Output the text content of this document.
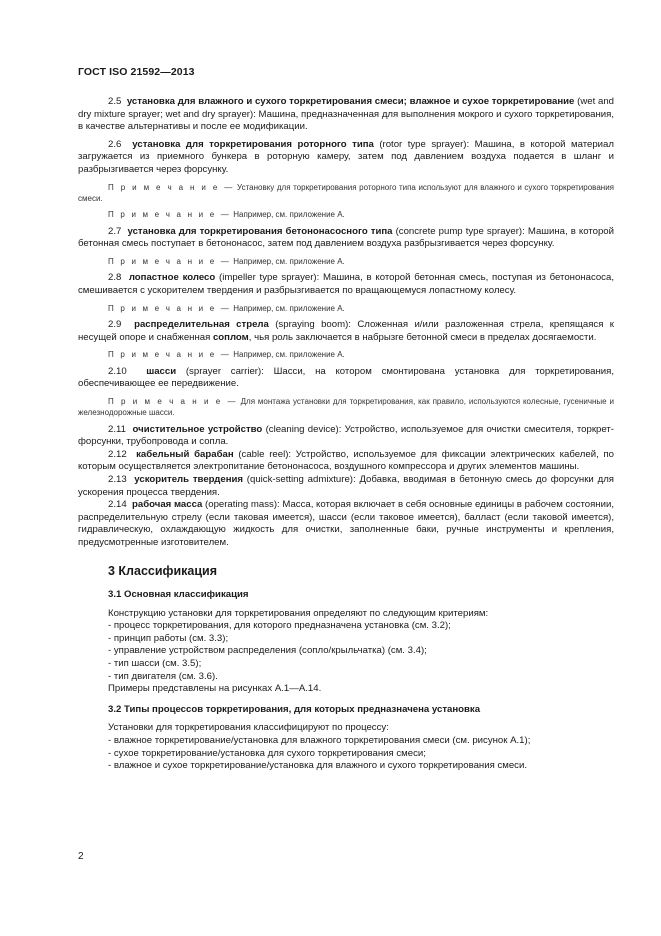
ГОСТ ISO 21592—2013

2.5 установка для влажного и сухого торкретирования смеси; влажное и сухое торкретирование (wet and dry mixture sprayer; wet and dry sprayer): Машина, предназначенная для выполнения мокрого и сухого торкретирования, в качестве альтернативы и после ее модификации.

2.6 установка для торкретирования роторного типа (rotor type sprayer): Машина, в которой материал загружается из приемного бункера в роторную камеру, затем под давлением воздуха подается в шланг и разбрызгивается через форсунку.

П р и м е ч а н и е — Установку для торкретирования роторного типа используют для влажного и сухого торкретирования смеси.

П р и м е ч а н и е — Например, см. приложение А.

2.7 установка для торкретирования бетононасосного типа (concrete pump type sprayer): Машина, в которой бетонная смесь поступает в бетононасос, затем под давлением воздуха разбрызгивается через форсунку.

П р и м е ч а н и е — Например, см. приложение А.

2.8 лопастное колесо (impeller type sprayer): Машина, в которой бетонная смесь, поступая из бетононасоса, смешивается с ускорителем твердения и разбрызгивается по вращающемуся лопастному колесу.

П р и м е ч а н и е — Например, см. приложение А.

2.9 распределительная стрела (spraying boom): Сложенная и/или разложенная стрела, крепящаяся к несущей опоре и снабженная соплом, чья роль заключается в набрызге бетонной смеси в пределах досягаемости.

П р и м е ч а н и е — Например, см. приложение А.

2.10 шасси (sprayer carrier): Шасси, на котором смонтирована установка для торкретирования, обеспечивающее ее передвижение.

П р и м е ч а н и е — Для монтажа установки для торкретирования, как правило, используются колесные, гусеничные и железнодорожные шасси.

2.11 очистительное устройство (cleaning device): Устройство, используемое для очистки смесителя, торкрет-форсунки, трубопровода и сопла.

2.12 кабельный барабан (cable reel): Устройство, используемое для фиксации электрических кабелей, по которым осуществляется электропитание бетононасоса, воздушного компрессора и других элементов машины.

2.13 ускоритель твердения (quick-setting admixture): Добавка, вводимая в бетонную смесь до форсунки для ускорения процесса твердения.

2.14 рабочая масса (operating mass): Масса, которая включает в себя основные единицы в рабочем состоянии, распределительную стрелу (если таковая имеется), шасси (если таковое имеется), балласт (если таковой имеется), гидравлическую, охлаждающую жидкость для очистки, заполненные баки, ручные инструменты и крепления, предусмотренные изготовителем.

3 Классификация
3.1 Основная классификация

Конструкцию установки для торкретирования определяют по следующим критериям:

- процесс торкретирования, для которого предназначена установка (см. 3.2);

- принцип работы (см. 3.3);

- управление устройством распределения (сопло/крыльчатка) (см. 3.4);

- тип шасси (см. 3.5);

- тип двигателя (см. 3.6).

Примеры представлены на рисунках А.1—А.14.

3.2 Типы процессов торкретирования, для которых предназначена установка

Установки для торкретирования классифицируют по процессу:

- влажное торкретирование/установка для влажного торкретирования смеси (см. рисунок А.1);

- сухое торкретирование/установка для сухого торкретирования смеси;

- влажное и сухое торкретирование/установка для влажного и сухого торкретирования смеси.

2
